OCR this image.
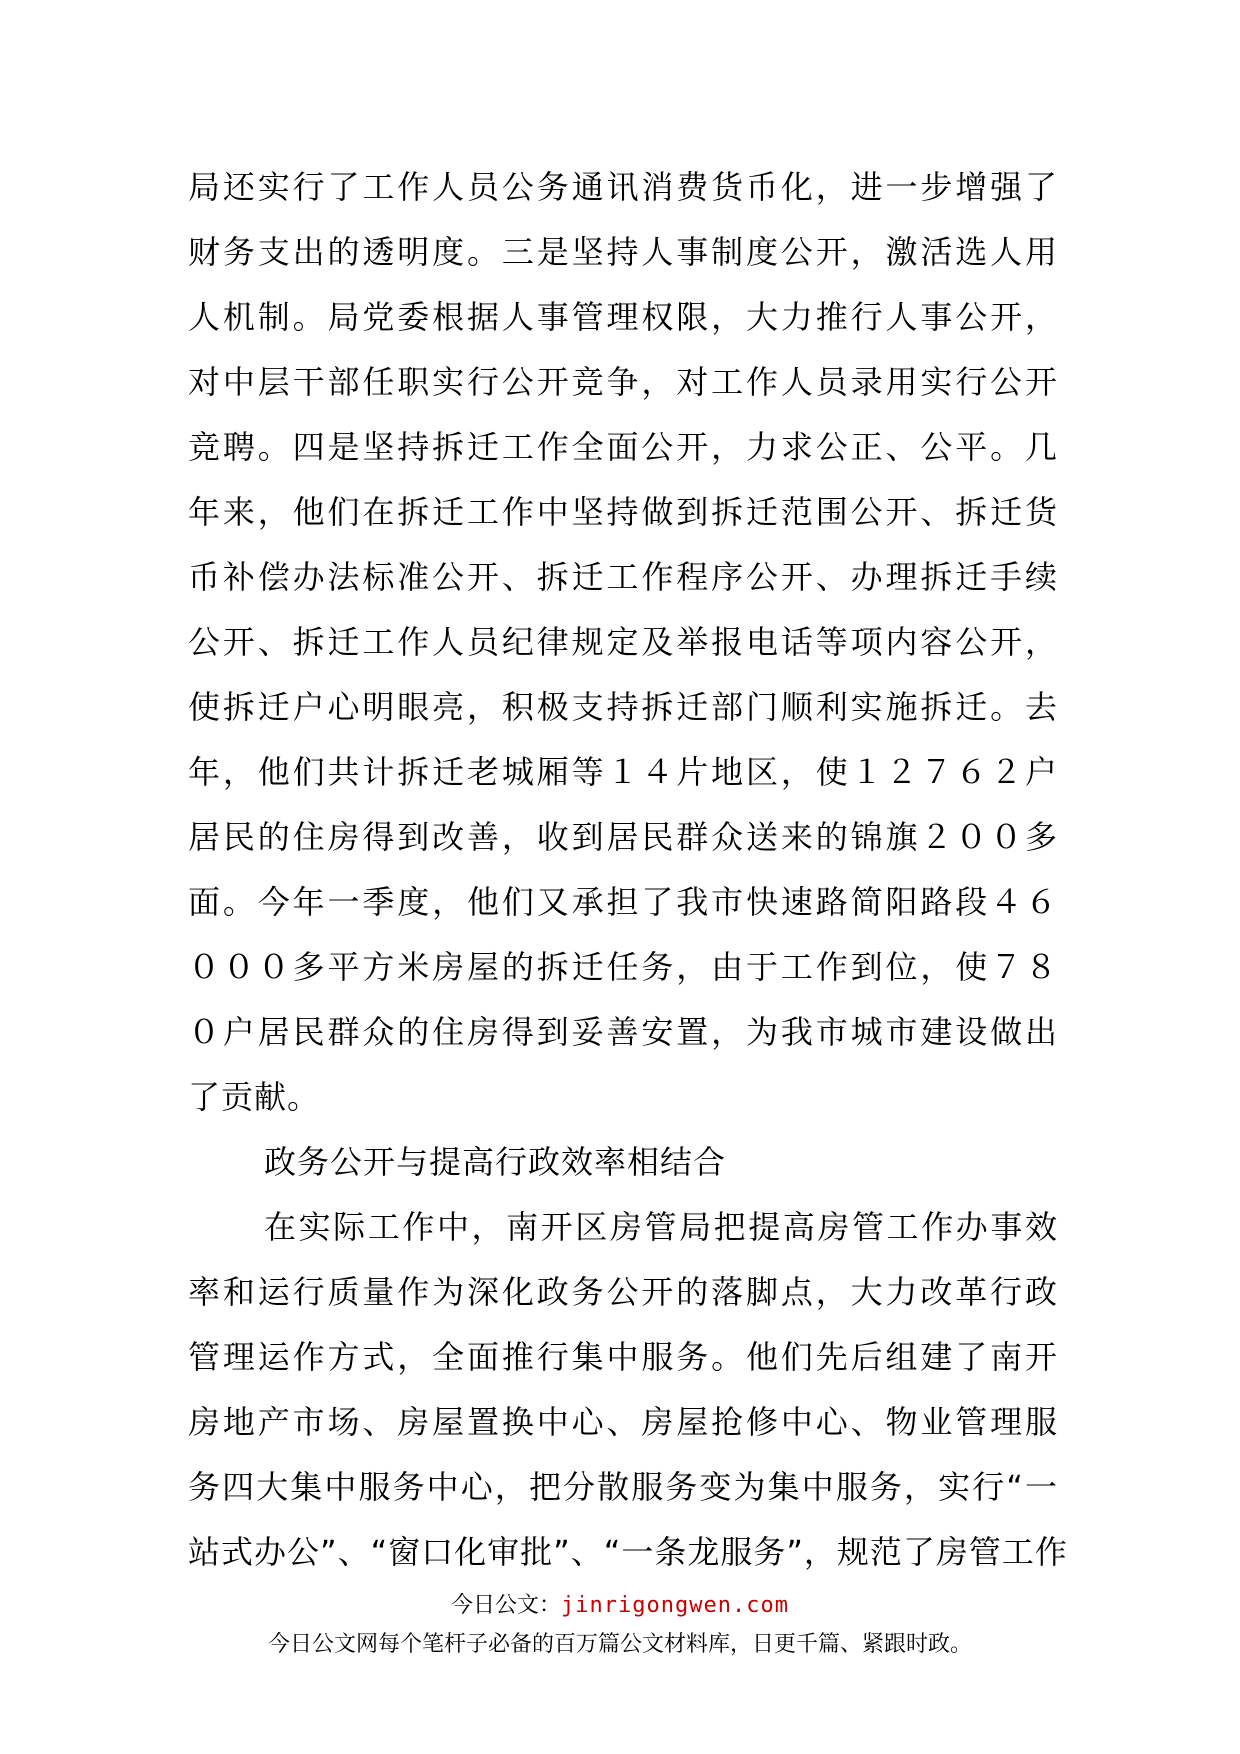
局还实行了工作人员公务通讯消费货币化，进一步增强了
财务支出的透明度。三是坚持人事制度公开，激活选人用
人机制。局党委根据人事管理权限，大力推行人事公开，
对中层干部任职实行公开竞争，对工作人员录用实行公开
竞聘。四是坚持拆迁工作全面公开，力求公正、公平。几
年来，他们在拆迁工作中坚持做到拆迁范围公开、拆迁货
币补偿办法标准公开、拆迁工作程序公开、办理拆迁手续
公开、拆迁工作人员纪律规定及举报电话等项内容公开，
使拆迁户心明眼亮，积极支持拆迁部门顺利实施拆迁。去
年，他们共计拆迁老城厢等１４片地区，使１２７６２户
居民的住房得到改善，收到居民群众送来的锦旗２００多
面。今年一季度，他们又承担了我市快速路简阳路段４６
０００多平方米房屋的拆迁任务，由于工作到位，使７８
０户居民群众的住房得到妥善安置，为我市城市建设做出
了贡献。
政务公开与提高行政效率相结合
在实际工作中，南开区房管局把提高房管工作办事效
率和运行质量作为深化政务公开的落脚点，大力改革行政
管理运作方式，全面推行集中服务。他们先后组建了南开
房地产市场、房屋置换中心、房屋抢修中心、物业管理服
务四大集中服务中心，把分散服务变为集中服务，实行“一
站式办公”、“窗口化审批”、“一条龙服务”，规范了房管工作
今日公文：jinrigongwen.com
今日公文网每个笔杆子必备的百万篇公文材料库，日更千篇、紧跟时政。
